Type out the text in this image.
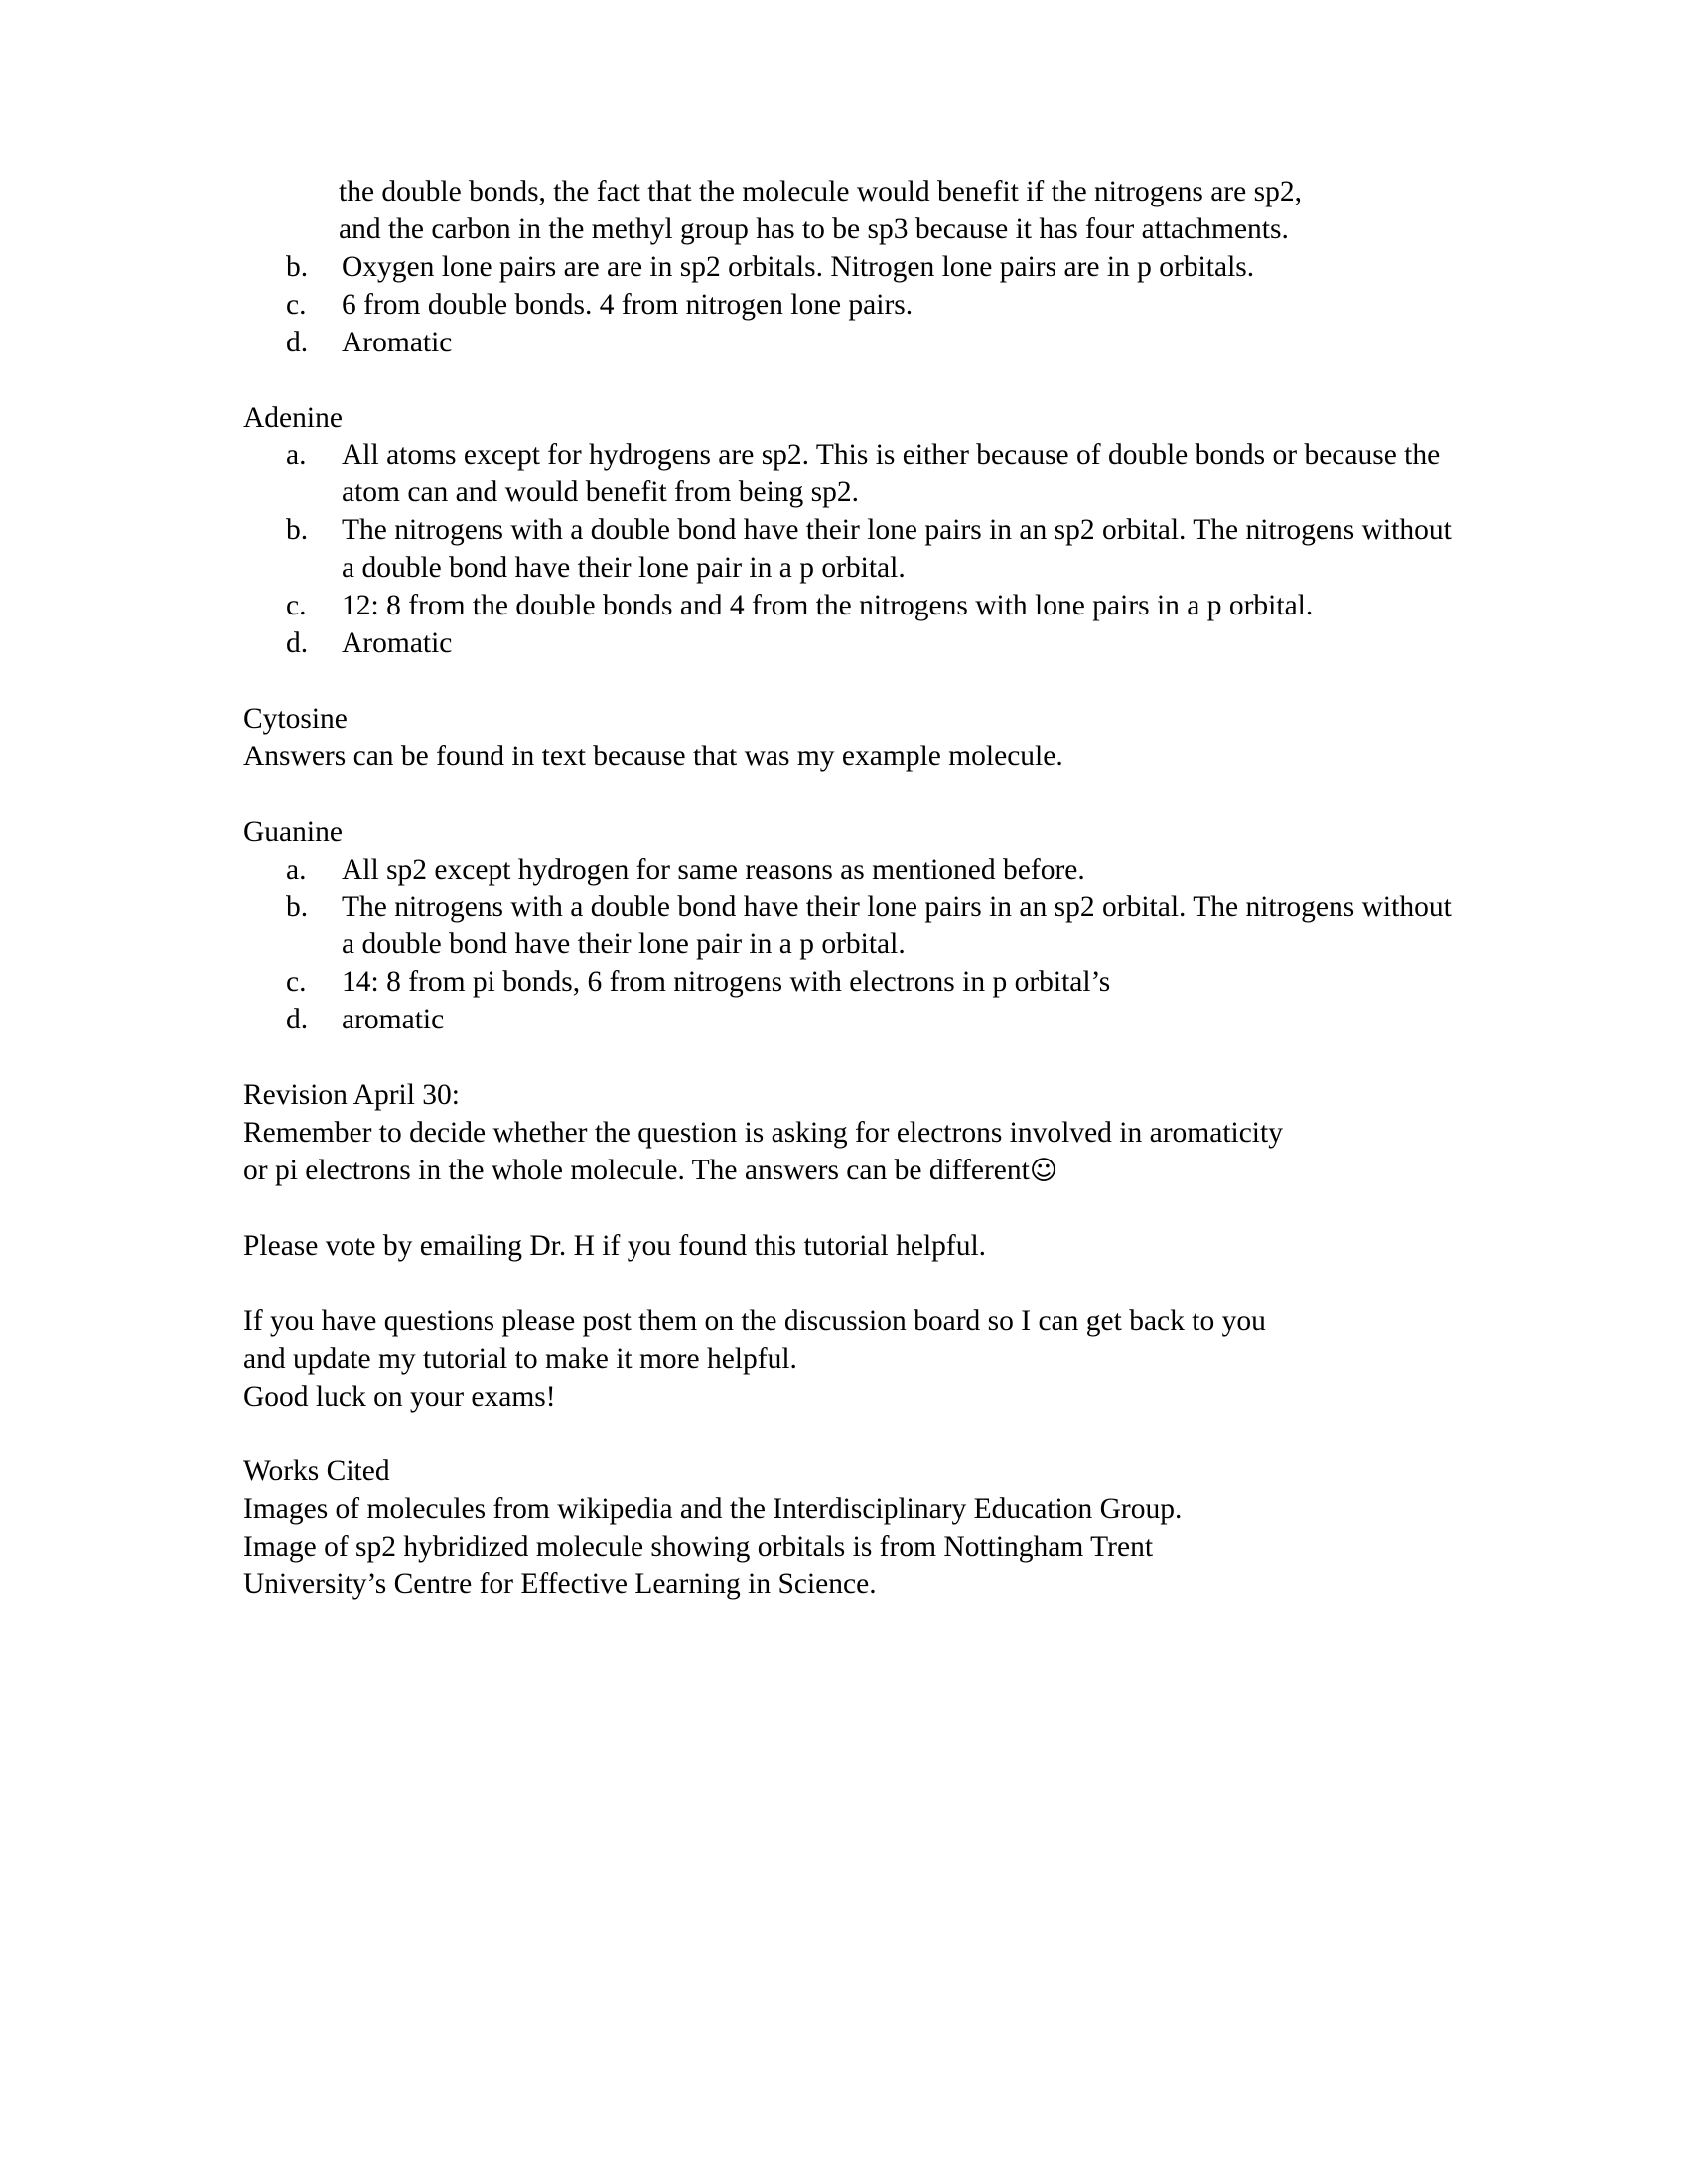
the double bonds, the fact that the molecule would benefit if the nitrogens are sp2,
and the carbon in the methyl group has to be sp3 because it has four attachments.
b.	Oxygen lone pairs are are in sp2 orbitals. Nitrogen lone pairs are in p orbitals.
c.	6 from double bonds. 4 from nitrogen lone pairs.
d.	Aromatic
Adenine
a.	All atoms except for hydrogens are sp2. This is either because of double bonds or because the atom can and would benefit from being sp2.
b.	The nitrogens with a double bond have their lone pairs in an sp2 orbital. The nitrogens without a double bond have their lone pair in a p orbital.
c.	12: 8 from the double bonds and 4 from the nitrogens with lone pairs in a p orbital.
d.	Aromatic
Cytosine
Answers can be found in text because that was my example molecule.
Guanine
a.	All sp2 except hydrogen for same reasons as mentioned before.
b.	The nitrogens with a double bond have their lone pairs in an sp2 orbital. The nitrogens without a double bond have their lone pair in a p orbital.
c.	14: 8 from pi bonds, 6 from nitrogens with electrons in p orbital’s
d.	aromatic
Revision April 30:
Remember to decide whether the question is asking for electrons involved in aromaticity
or pi electrons in the whole molecule. The answers can be different☺
Please vote by emailing Dr. H if you found this tutorial helpful.
If you have questions please post them on the discussion board so I can get back to you
and update my tutorial to make it more helpful.
Good luck on your exams!
Works Cited
Images of molecules from wikipedia and the Interdisciplinary Education Group.
Image of sp2 hybridized molecule showing orbitals is from Nottingham Trent
University’s Centre for Effective Learning in Science.
